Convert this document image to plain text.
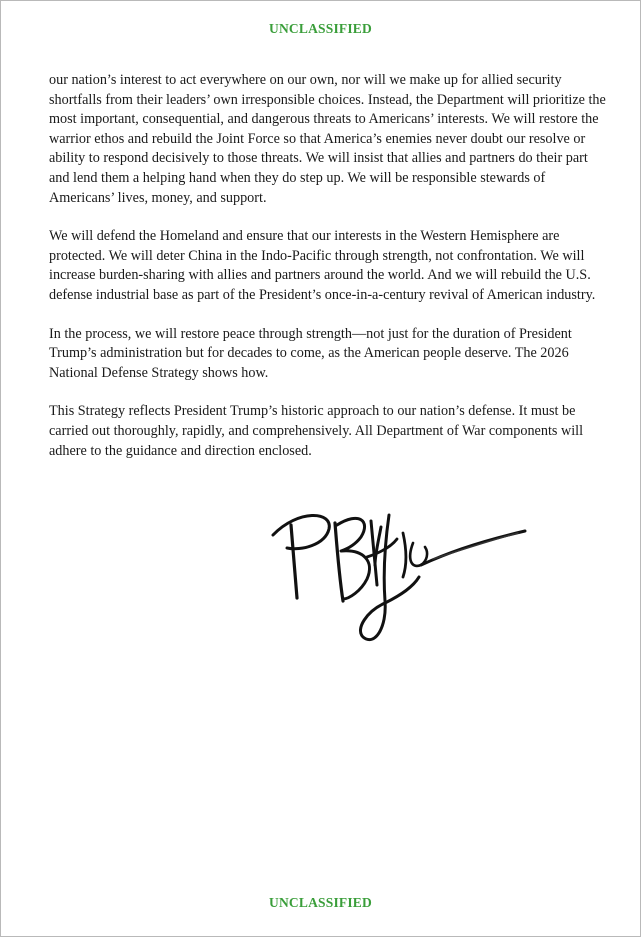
UNCLASSIFIED

our nation’s interest to act everywhere on our own, nor will we make up for allied security shortfalls from their leaders’ own irresponsible choices. Instead, the Department will prioritize the most important, consequential, and dangerous threats to Americans’ interests. We will restore the warrior ethos and rebuild the Joint Force so that America’s enemies never doubt our resolve or ability to respond decisively to those threats. We will insist that allies and partners do their part and lend them a helping hand when they do step up. We will be responsible stewards of Americans’ lives, money, and support.

We will defend the Homeland and ensure that our interests in the Western Hemisphere are protected. We will deter China in the Indo-Pacific through strength, not confrontation. We will increase burden-sharing with allies and partners around the world. And we will rebuild the U.S. defense industrial base as part of the President’s once-in-a-century revival of American industry.

In the process, we will restore peace through strength—not just for the duration of President Trump’s administration but for decades to come, as the American people deserve. The 2026 National Defense Strategy shows how.

This Strategy reflects President Trump’s historic approach to our nation’s defense. It must be carried out thoroughly, rapidly, and comprehensively. All Department of War components will adhere to the guidance and direction enclosed.

UNCLASSIFIED
